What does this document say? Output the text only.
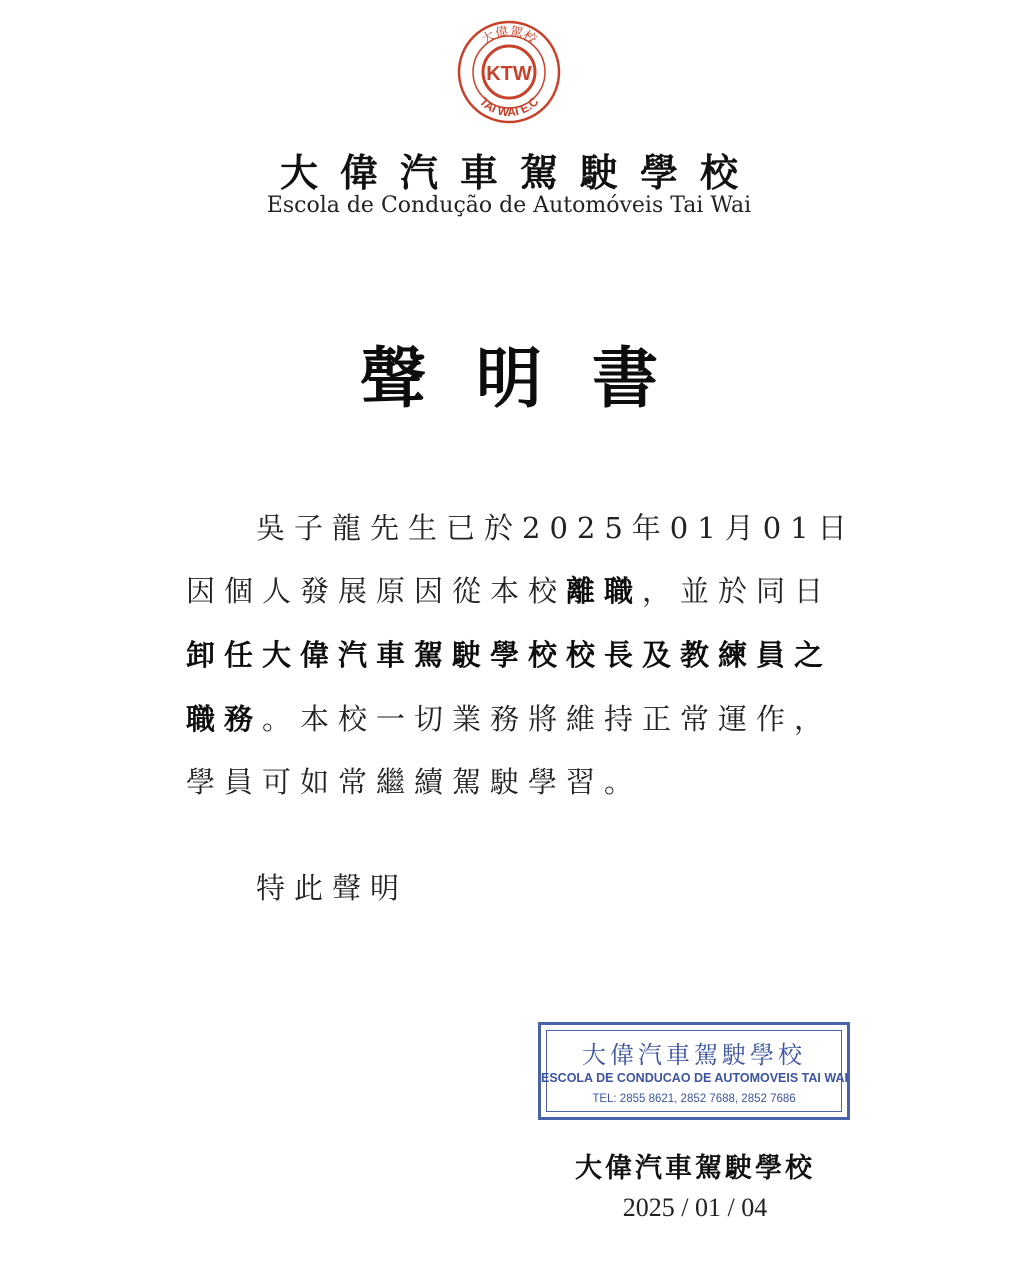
大偉駕校
TAI WAI E.C
KTW
大偉汽車駕駛學校
Escola de Condução de Automóveis Tai Wai
聲明書
吳子龍先生已於2025年01月01日
因個人發展原因從本校離職，並於同日
卸任大偉汽車駕駛學校校長及教練員之
職務。本校一切業務將維持正常運作，
學員可如常繼續駕駛學習。
特此聲明
大偉汽車駕駛學校
ESCOLA DE CONDUCAO DE AUTOMOVEIS TAI WAI
TEL: 2855 8621, 2852 7688, 2852 7686
大偉汽車駕駛學校
2025 / 01 / 04
